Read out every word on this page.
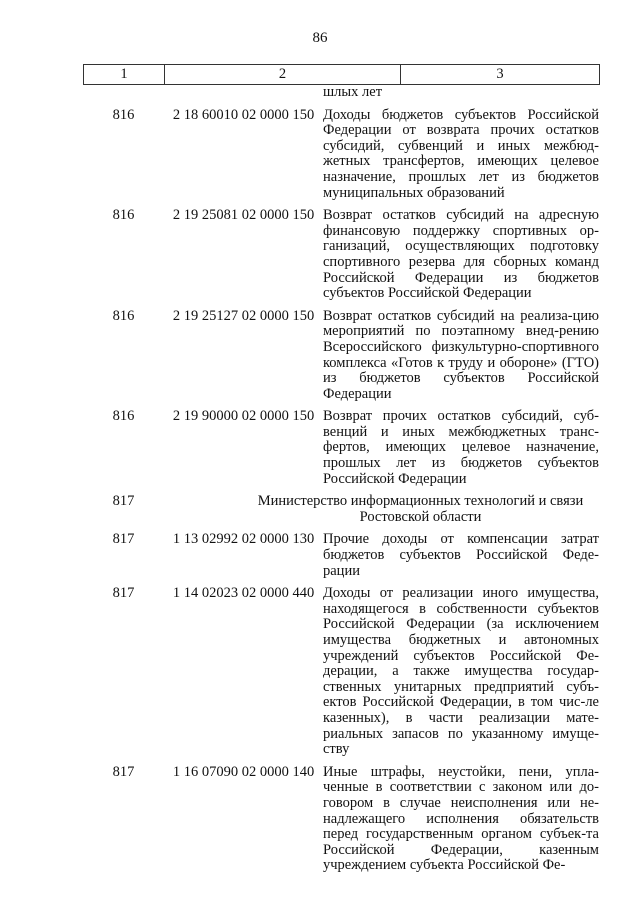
86
1	2	3
шлых лет
816	2 18 60010 02 0000 150 Доходы бюджетов субъектов Российской Федерации от возврата прочих остатков субсидий, субвенций и иных межбюд-жетных трансфертов, имеющих целевое назначение, прошлых лет из бюджетов муниципальных образований
816	2 19 25081 02 0000 150 Возврат остатков субсидий на адресную финансовую поддержку спортивных ор-ганизаций, осуществляющих подготовку спортивного резерва для сборных команд Российской Федерации из бюджетов субъектов Российской Федерации
816	2 19 25127 02 0000 150 Возврат остатков субсидий на реализа-цию мероприятий по поэтапному внед-рению Всероссийского физкультурно-спортивного комплекса «Готов к труду и обороне» (ГТО) из бюджетов субъектов Российской Федерации
816	2 19 90000 02 0000 150 Возврат прочих остатков субсидий, суб-венций и иных межбюджетных транс-фертов, имеющих целевое назначение, прошлых лет из бюджетов субъектов Российской Федерации
817	Министерство информационных технологий и связи Ростовской области
817	1 13 02992 02 0000 130 Прочие доходы от компенсации затрат бюджетов субъектов Российской Феде-рации
817	1 14 02023 02 0000 440 Доходы от реализации иного имущества, находящегося в собственности субъектов Российской Федерации (за исключением имущества бюджетных и автономных учреждений субъектов Российской Фе-дерации, а также имущества государ-ственных унитарных предприятий субъ-ектов Российской Федерации, в том чис-ле казенных), в части реализации мате-риальных запасов по указанному имуще-ству
817	1 16 07090 02 0000 140 Иные штрафы, неустойки, пени, упла-ченные в соответствии с законом или до-говором в случае неисполнения или не-надлежащего исполнения обязательств перед государственным органом субъек-та Российской Федерации, казенным учреждением субъекта Российской Фе-
